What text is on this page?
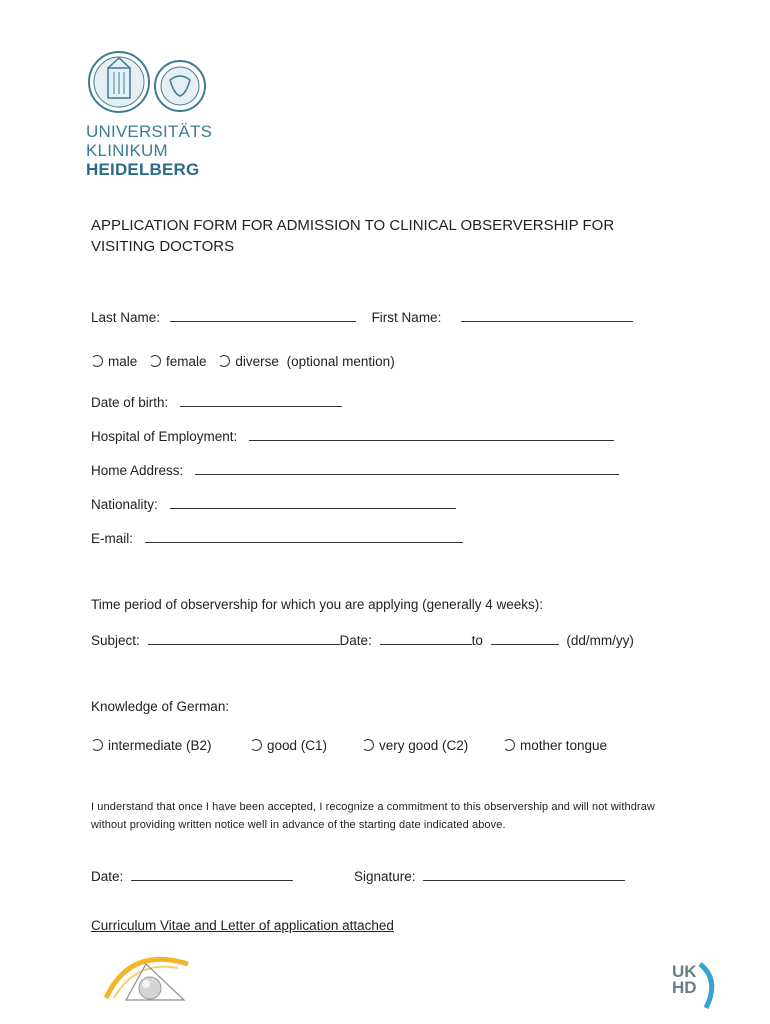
UNIVERSITÄTS
KLINIKUM
HEIDELBERG
APPLICATION FORM FOR ADMISSION TO CLINICAL OBSERVERSHIP FOR VISITING DOCTORS
Last Name:	First Name:
male female diverse (optional mention)
Date of birth:
Hospital of Employment:
Home Address:
Nationality:
E-mail:
Time period of observership for which you are applying (generally 4 weeks):
Subject:	Date:	to	(dd/mm/yy)
Knowledge of German:
intermediate (B2)	good (C1)	very good (C2)	mother tongue
I understand that once I have been accepted, I recognize a commitment to this observership and will not withdraw without providing written notice well in advance of the starting date indicated above.
Date:	Signature:
Curriculum Vitae and Letter of application attached
UK
HD
